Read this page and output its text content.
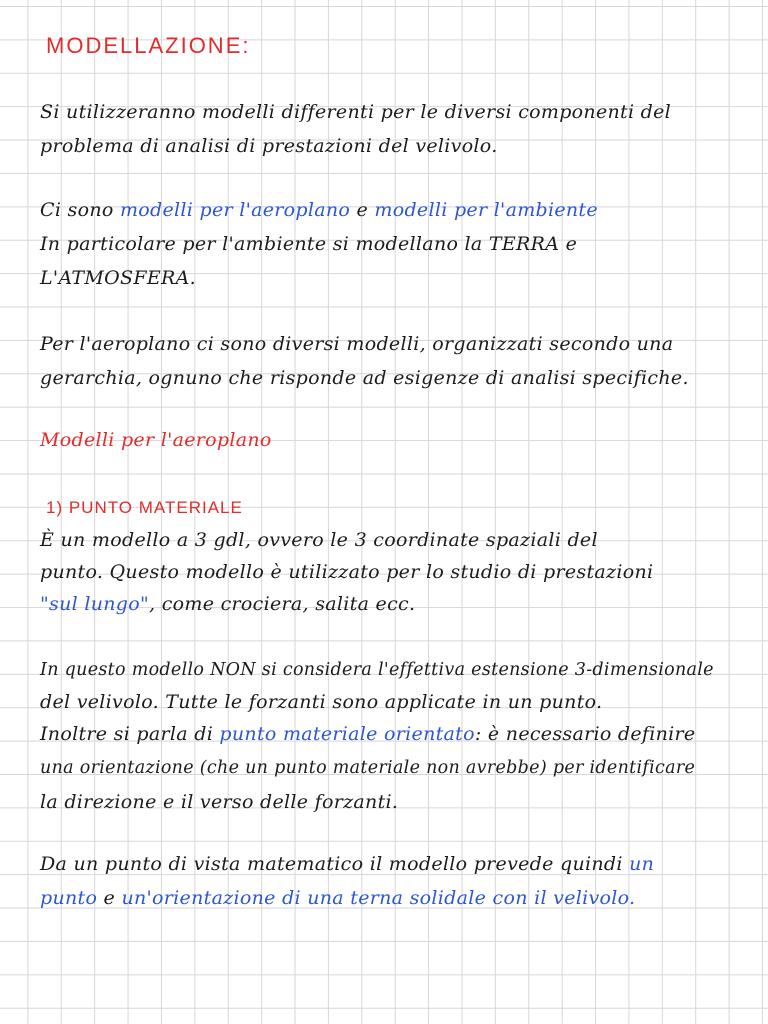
MODELLAZIONE:
Si utilizzeranno modelli differenti per le diversi componenti del
problema di analisi di prestazioni del velivolo.
Ci sono modelli per l'aeroplano e modelli per l'ambiente
In particolare per l'ambiente si modellano la TERRA e
L'ATMOSFERA.
Per l'aeroplano ci sono diversi modelli, organizzati secondo una
gerarchia, ognuno che risponde ad esigenze di analisi specifiche.
Modelli per l'aeroplano
1) PUNTO MATERIALE
È un modello a 3 gdl, ovvero le 3 coordinate spaziali del
punto. Questo modello è utilizzato per lo studio di prestazioni
"sul lungo", come crociera, salita ecc.
In questo modello NON si considera l'effettiva estensione 3-dimensionale
del velivolo. Tutte le forzanti sono applicate in un punto.
Inoltre si parla di punto materiale orientato: è necessario definire
una orientazione (che un punto materiale non avrebbe) per identificare
la direzione e il verso delle forzanti.
Da un punto di vista matematico il modello prevede quindi un
punto e un'orientazione di una terna solidale con il velivolo.
